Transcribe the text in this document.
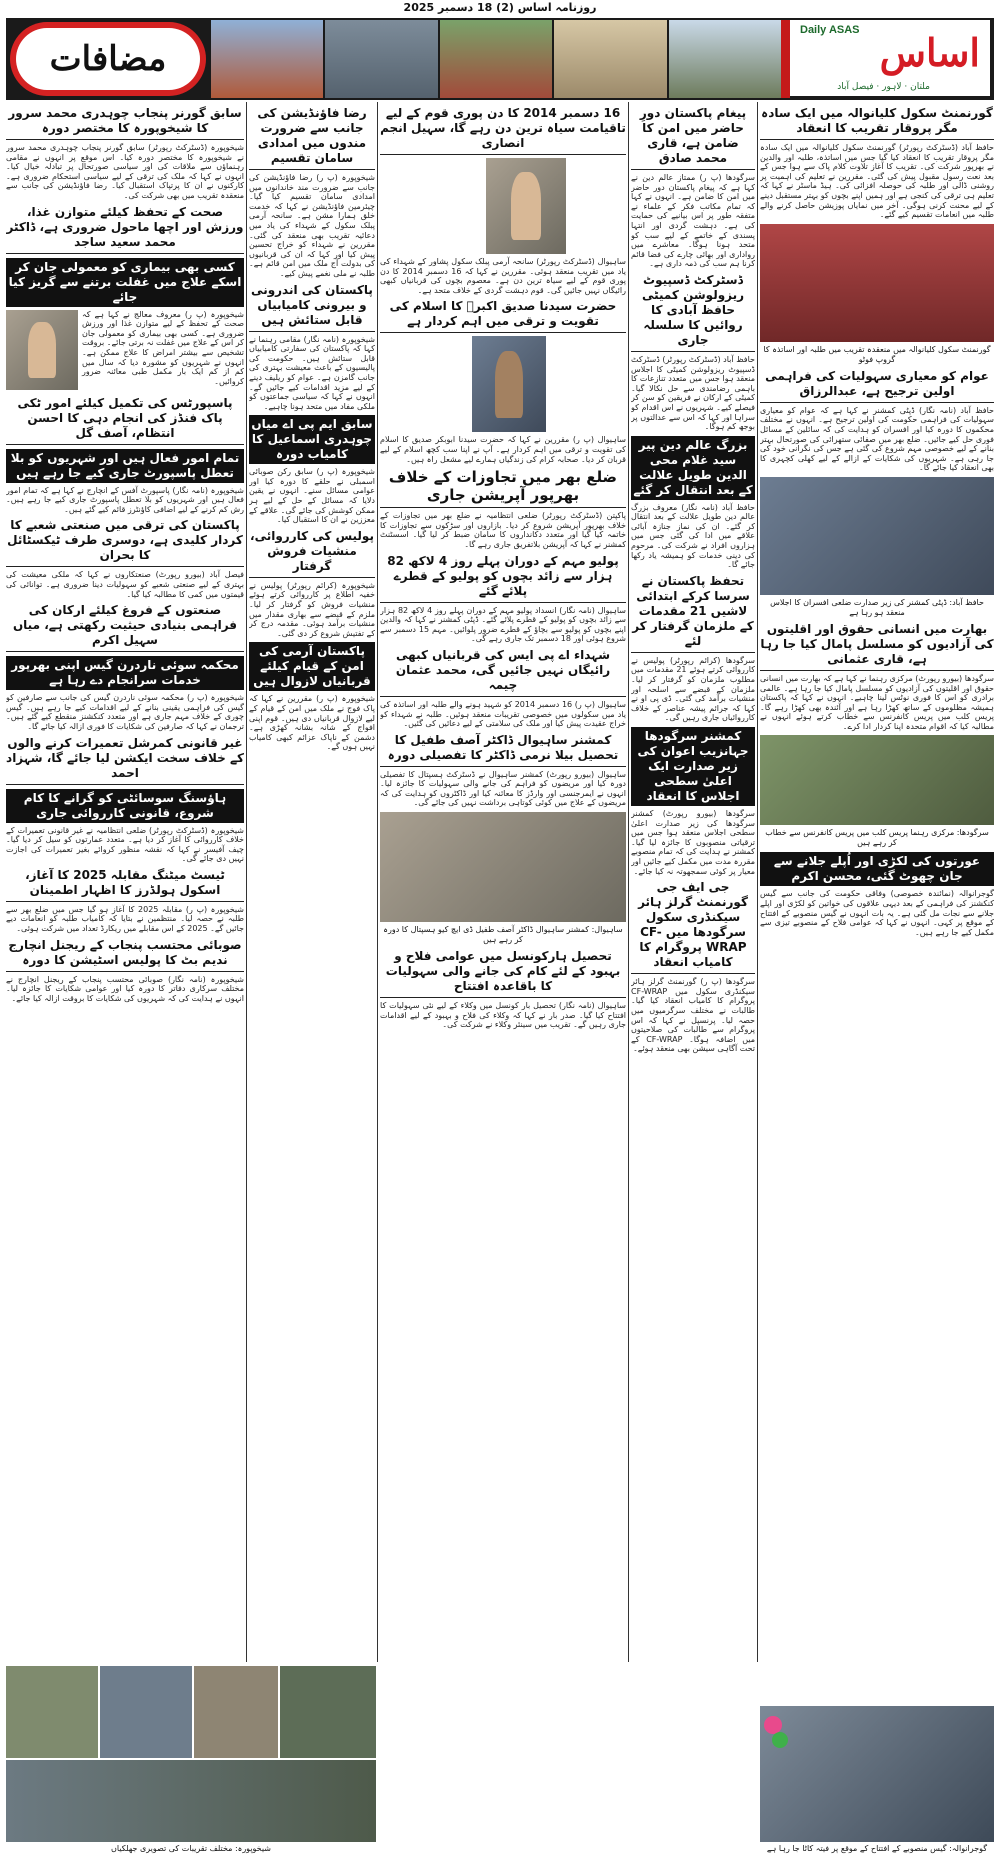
روزنامہ اساس (2) 18 دسمبر 2025
Daily ASAS اساس
ملتان · لاہور · فیصل آباد
مضافات
گورنمنٹ سکول کلیانوالہ میں ایک سادہ مگر پروقار تقریب کا انعقاد
حافظ آباد (ڈسٹرکٹ رپورٹر) گورنمنٹ سکول کلیانوالہ میں ایک سادہ مگر پروقار تقریب کا انعقاد کیا گیا جس میں اساتذہ، طلبہ اور والدین نے بھرپور شرکت کی۔ تقریب کا آغاز تلاوت کلام پاک سے ہوا جس کے بعد نعت رسول مقبول پیش کی گئی۔ مقررین نے تعلیم کی اہمیت پر روشنی ڈالی اور طلبہ کی حوصلہ افزائی کی۔ ہیڈ ماسٹر نے کہا کہ تعلیم ہی ترقی کی کنجی ہے اور ہمیں اپنے بچوں کو بہتر مستقبل دینے کے لیے محنت کرنی ہوگی۔ آخر میں نمایاں پوزیشن حاصل کرنے والے طلبہ میں انعامات تقسیم کیے گئے۔
گورنمنٹ سکول کلیانوالہ میں منعقدہ تقریب میں طلبہ اور اساتذہ کا گروپ فوٹو
عوام کو معیاری سہولیات کی فراہمی اولین ترجیح ہے، عبدالرزاق
حافظ آباد (نامہ نگار) ڈپٹی کمشنر نے کہا ہے کہ عوام کو معیاری سہولیات کی فراہمی حکومت کی اولین ترجیح ہے۔ انہوں نے مختلف محکموں کا دورہ کیا اور افسران کو ہدایت کی کہ سائلین کے مسائل فوری حل کیے جائیں۔ ضلع بھر میں صفائی ستھرائی کی صورتحال بہتر بنانے کے لیے خصوصی مہم شروع کی گئی ہے جس کی نگرانی خود کی جا رہی ہے۔ شہریوں کی شکایات کے ازالے کے لیے کھلی کچہری کا بھی انعقاد کیا جائے گا۔
حافظ آباد: ڈپٹی کمشنر کی زیر صدارت ضلعی افسران کا اجلاس منعقد ہو رہا ہے
بھارت میں انسانی حقوق اور اقلیتوں کی آزادیوں کو مسلسل پامال کیا جا رہا ہے، قاری عثمانی
سرگودھا (بیورو رپورٹ) مرکزی رہنما نے کہا ہے کہ بھارت میں انسانی حقوق اور اقلیتوں کی آزادیوں کو مسلسل پامال کیا جا رہا ہے۔ عالمی برادری کو اس کا فوری نوٹس لینا چاہیے۔ انہوں نے کہا کہ پاکستان ہمیشہ مظلوموں کے ساتھ کھڑا رہا ہے اور آئندہ بھی کھڑا رہے گا۔ پریس کلب میں پریس کانفرنس سے خطاب کرتے ہوئے انہوں نے مطالبہ کیا کہ اقوام متحدہ اپنا کردار ادا کرے۔
سرگودھا: مرکزی رہنما پریس کلب میں پریس کانفرنس سے خطاب کر رہے ہیں
عورتوں کی لکڑی اور اُپلے جلانے سے جان چھوٹ گئی، محسن اکرم
گوجرانوالہ (نمائندہ خصوصی) وفاقی حکومت کی جانب سے گیس کنکشنز کی فراہمی کے بعد دیہی علاقوں کی خواتین کو لکڑی اور اپلے جلانے سے نجات مل گئی ہے۔ یہ بات انہوں نے گیس منصوبے کے افتتاح کے موقع پر کہی۔ انہوں نے کہا کہ عوامی فلاح کے منصوبے تیزی سے مکمل کیے جا رہے ہیں۔
پیغام پاکستان دورِ حاضر میں امن کا ضامن ہے، قاری محمد صادق
سرگودھا (پ ر) ممتاز عالم دین نے کہا ہے کہ پیغام پاکستان دور حاضر میں امن کا ضامن ہے۔ انہوں نے کہا کہ تمام مکاتب فکر کے علماء نے متفقہ طور پر اس بیانیے کی حمایت کی ہے۔ دہشت گردی اور انتہا پسندی کے خاتمے کے لیے سب کو متحد ہونا ہوگا۔ معاشرے میں رواداری اور بھائی چارے کی فضا قائم کرنا ہم سب کی ذمہ داری ہے۔
ڈسٹرکٹ ڈسپیوٹ ریزولوشن کمیٹی حافظ آبادی کا روائیں کا سلسلہ جاری
حافظ آباد (ڈسٹرکٹ رپورٹر) ڈسٹرکٹ ڈسپیوٹ ریزولوشن کمیٹی کا اجلاس منعقد ہوا جس میں متعدد تنازعات کا باہمی رضامندی سے حل نکالا گیا۔ کمیٹی کے ارکان نے فریقین کو سن کر فیصلے کیے۔ شہریوں نے اس اقدام کو سراہا اور کہا کہ اس سے عدالتوں پر بوجھ کم ہوگا۔
بزرگ عالم دین پیر سید غلام محی الدین طویل علالت کے بعد انتقال کر گئے
حافظ آباد (نامہ نگار) معروف بزرگ عالم دین طویل علالت کے بعد انتقال کر گئے۔ ان کی نماز جنازہ آبائی علاقے میں ادا کی گئی جس میں ہزاروں افراد نے شرکت کی۔ مرحوم کی دینی خدمات کو ہمیشہ یاد رکھا جائے گا۔
تحفظ پاکستان نے سرسا کرکے ابتدائی لاشیں 21 مقدمات کے ملزمان گرفتار کر لئے
سرگودھا (کرائم رپورٹر) پولیس نے کارروائی کرتے ہوئے 21 مقدمات میں مطلوب ملزمان کو گرفتار کر لیا۔ ملزمان کے قبضے سے اسلحہ اور منشیات برآمد کی گئی۔ ڈی پی او نے کہا کہ جرائم پیشہ عناصر کے خلاف کارروائیاں جاری رہیں گی۔
کمشنر سرگودھا جہانزیب اعوان کی زیر صدارت ایک اعلیٰ سطحی اجلاس کا انعقاد
سرگودھا (بیورو رپورٹ) کمشنر سرگودھا کی زیر صدارت اعلیٰ سطحی اجلاس منعقد ہوا جس میں ترقیاتی منصوبوں کا جائزہ لیا گیا۔ کمشنر نے ہدایت کی کہ تمام منصوبے مقررہ مدت میں مکمل کیے جائیں اور معیار پر کوئی سمجھوتہ نہ کیا جائے۔
جی ایف جی گورنمنٹ گرلز ہائر سیکنڈری سکول سرگودھا میں CF-WRAP پروگرام کا کامیاب انعقاد
سرگودھا (پ ر) گورنمنٹ گرلز ہائر سیکنڈری سکول میں CF-WRAP پروگرام کا کامیاب انعقاد کیا گیا۔ طالبات نے مختلف سرگرمیوں میں حصہ لیا۔ پرنسپل نے کہا کہ اس پروگرام سے طالبات کی صلاحیتوں میں اضافہ ہوگا۔ CF-WRAP کے تحت آگاہی سیشن بھی منعقد ہوئے۔
16 دسمبر 2014 کا دن پوری قوم کے لیے تاقیامت سیاہ ترین دن رہے گا، سہیل انجم انصاری
ساہیوال (ڈسٹرکٹ رپورٹر) سانحہ آرمی پبلک سکول پشاور کے شہداء کی یاد میں تقریب منعقد ہوئی۔ مقررین نے کہا کہ 16 دسمبر 2014 کا دن پوری قوم کے لیے سیاہ ترین دن ہے۔ معصوم بچوں کی قربانیاں کبھی رائیگاں نہیں جائیں گی۔ قوم دہشت گردی کے خلاف متحد ہے۔
حضرت سیدنا صدیق اکبرؓ کا اسلام کی تقویت و ترقی میں اہم کردار ہے
ساہیوال (پ ر) مقررین نے کہا کہ حضرت سیدنا ابوبکر صدیق کا اسلام کی تقویت و ترقی میں اہم کردار ہے۔ آپ نے اپنا سب کچھ اسلام کے لیے قربان کر دیا۔ صحابہ کرام کی زندگیاں ہمارے لیے مشعل راہ ہیں۔
ضلع بھر میں تجاوزات کے خلاف بھرپور آپریشن جاری
پاکپتن (ڈسٹرکٹ رپورٹر) ضلعی انتظامیہ نے ضلع بھر میں تجاوزات کے خلاف بھرپور آپریشن شروع کر دیا۔ بازاروں اور سڑکوں سے تجاوزات کا خاتمہ کیا گیا اور متعدد دکانداروں کا سامان ضبط کر لیا گیا۔ اسسٹنٹ کمشنر نے کہا کہ آپریشن بلاتفریق جاری رہے گا۔
پولیو مہم کے دوران پہلے روز 4 لاکھ 82 ہزار سے زائد بچوں کو پولیو کے قطرے پلائے گئے
ساہیوال (نامہ نگار) انسداد پولیو مہم کے دوران پہلے روز 4 لاکھ 82 ہزار سے زائد بچوں کو پولیو کے قطرے پلائے گئے۔ ڈپٹی کمشنر نے کہا کہ والدین اپنے بچوں کو پولیو سے بچاؤ کے قطرے ضرور پلوائیں۔ مہم 15 دسمبر سے شروع ہوئی اور 18 دسمبر تک جاری رہے گی۔
شہداء اے پی ایس کی قربانیاں کبھی رائیگاں نہیں جائیں گی، محمد عثمان چیمہ
ساہیوال (پ ر) 16 دسمبر 2014 کو شہید ہونے والے طلبہ اور اساتذہ کی یاد میں سکولوں میں خصوصی تقریبات منعقد ہوئیں۔ طلبہ نے شہداء کو خراج عقیدت پیش کیا اور ملک کی سلامتی کے لیے دعائیں کی گئیں۔
کمشنر ساہیوال ڈاکٹر آصف طفیل کا تحصیل بیلا نرمی ڈاکٹر کا تفصیلی دورہ
ساہیوال (بیورو رپورٹ) کمشنر ساہیوال نے ڈسٹرکٹ ہسپتال کا تفصیلی دورہ کیا اور مریضوں کو فراہم کی جانے والی سہولیات کا جائزہ لیا۔ انہوں نے ایمرجنسی اور وارڈز کا معائنہ کیا اور ڈاکٹروں کو ہدایت کی کہ مریضوں کے علاج میں کوئی کوتاہی برداشت نہیں کی جائے گی۔
ساہیوال: کمشنر ساہیوال ڈاکٹر آصف طفیل ڈی ایچ کیو ہسپتال کا دورہ کر رہے ہیں
تحصیل ہارکونسل میں عوامی فلاح و بہبود کے لئے کام کی جانے والی سہولیات کا باقاعدہ افتتاح
ساہیوال (نامہ نگار) تحصیل بار کونسل میں وکلاء کے لیے نئی سہولیات کا افتتاح کیا گیا۔ صدر بار نے کہا کہ وکلاء کی فلاح و بہبود کے لیے اقدامات جاری رہیں گے۔ تقریب میں سینئر وکلاء نے شرکت کی۔
رضا فاؤنڈیشن کی جانب سے ضرورت مندوں میں امدادی سامان تقسیم
شیخوپورہ (پ ر) رضا فاؤنڈیشن کی جانب سے ضرورت مند خاندانوں میں امدادی سامان تقسیم کیا گیا۔ چیئرمین فاؤنڈیشن نے کہا کہ خدمت خلق ہمارا مشن ہے۔ سانحہ آرمی پبلک سکول کے شہداء کی یاد میں دعائیہ تقریب بھی منعقد کی گئی۔ مقررین نے شہداء کو خراج تحسین پیش کیا اور کہا کہ ان کی قربانیوں کی بدولت آج ملک میں امن قائم ہے۔ طلبہ نے ملی نغمے پیش کیے۔
پاکستان کی اندرونی و بیرونی کامیابیاں قابل ستائش ہیں
شیخوپورہ (نامہ نگار) مقامی رہنما نے کہا کہ پاکستان کی سفارتی کامیابیاں قابل ستائش ہیں۔ حکومت کی پالیسیوں کے باعث معیشت بہتری کی جانب گامزن ہے۔ عوام کو ریلیف دینے کے لیے مزید اقدامات کیے جائیں گے۔ انہوں نے کہا کہ سیاسی جماعتوں کو ملکی مفاد میں متحد ہونا چاہیے۔
سابق ایم پی اے میاں چوہدری اسماعیل کا کامیاب دورہ
شیخوپورہ (پ ر) سابق رکن صوبائی اسمبلی نے حلقے کا دورہ کیا اور عوامی مسائل سنے۔ انہوں نے یقین دلایا کہ مسائل کے حل کے لیے ہر ممکن کوشش کی جائے گی۔ علاقے کے معززین نے ان کا استقبال کیا۔
پولیس کی کارروائی، منشیات فروش گرفتار
شیخوپورہ (کرائم رپورٹر) پولیس نے خفیہ اطلاع پر کارروائی کرتے ہوئے منشیات فروش کو گرفتار کر لیا۔ ملزم کے قبضے سے بھاری مقدار میں منشیات برآمد ہوئی۔ مقدمہ درج کر کے تفتیش شروع کر دی گئی۔
پاکستان آرمی کی امن کے قیام کیلئے قربانیاں لازوال ہیں
شیخوپورہ (پ ر) مقررین نے کہا کہ پاک فوج نے ملک میں امن کے قیام کے لیے لازوال قربانیاں دی ہیں۔ قوم اپنی افواج کے شانہ بشانہ کھڑی ہے۔ دشمن کے ناپاک عزائم کبھی کامیاب نہیں ہوں گے۔
سابق گورنر پنجاب چوہدری محمد سرور کا شیخوپورہ کا مختصر دورہ
شیخوپورہ (ڈسٹرکٹ رپورٹر) سابق گورنر پنجاب چوہدری محمد سرور نے شیخوپورہ کا مختصر دورہ کیا۔ اس موقع پر انہوں نے مقامی رہنماؤں سے ملاقات کی اور سیاسی صورتحال پر تبادلہ خیال کیا۔ انہوں نے کہا کہ ملک کی ترقی کے لیے سیاسی استحکام ضروری ہے۔ کارکنوں نے ان کا پرتپاک استقبال کیا۔ رضا فاؤنڈیشن کی جانب سے منعقدہ تقریب میں بھی شرکت کی۔
صحت کے تحفظ کیلئے متوازن غذا، ورزش اور اچھا ماحول ضروری ہے، ڈاکٹر محمد سعید ساجد
کسی بھی بیماری کو معمولی جان کر اسکے علاج میں غفلت برتنے سے گریز کیا جائے
شیخوپورہ (پ ر) معروف معالج نے کہا ہے کہ صحت کے تحفظ کے لیے متوازن غذا اور ورزش ضروری ہے۔ کسی بھی بیماری کو معمولی جان کر اس کے علاج میں غفلت نہ برتی جائے۔ بروقت تشخیص سے بیشتر امراض کا علاج ممکن ہے۔ انہوں نے شہریوں کو مشورہ دیا کہ سال میں کم از کم ایک بار مکمل طبی معائنہ ضرور کروائیں۔
پاسپورٹس کی تکمیل کیلئے امور ٹکی پاک فنڈز کی انجام دہی کا احسن انتظام، آصف گل
تمام امور فعال ہیں اور شہریوں کو بلا تعطل پاسپورٹ جاری کیے جا رہے ہیں
شیخوپورہ (نامہ نگار) پاسپورٹ آفس کے انچارج نے کہا ہے کہ تمام امور فعال ہیں اور شہریوں کو بلا تعطل پاسپورٹ جاری کیے جا رہے ہیں۔ رش کم کرنے کے لیے اضافی کاؤنٹرز قائم کیے گئے ہیں۔
پاکستان کی ترقی میں صنعتی شعبے کا کردار کلیدی ہے، دوسری طرف ٹیکسٹائل کا بحران
فیصل آباد (بیورو رپورٹ) صنعتکاروں نے کہا کہ ملکی معیشت کی بہتری کے لیے صنعتی شعبے کو سہولیات دینا ضروری ہے۔ توانائی کی قیمتوں میں کمی کا مطالبہ کیا گیا۔
صنعتوں کے فروغ کیلئے ارکان کی فراہمی بنیادی حیثیت رکھتی ہے، میاں سہیل اکرم
محکمہ سوئی ناردرن گیس اپنی بھرپور خدمات سرانجام دے رہا ہے
شیخوپورہ (پ ر) محکمہ سوئی ناردرن گیس کی جانب سے صارفین کو گیس کی فراہمی یقینی بنانے کے لیے اقدامات کیے جا رہے ہیں۔ گیس چوری کے خلاف مہم جاری ہے اور متعدد کنکشنز منقطع کیے گئے ہیں۔ ترجمان نے کہا کہ صارفین کی شکایات کا فوری ازالہ کیا جائے گا۔
غیر قانونی کمرشل تعمیرات کرنے والوں کے خلاف سخت ایکشن لیا جائے گا، شہزاد احمد
ہاؤسنگ سوسائٹی کو گرانے کا کام شروع، قانونی کارروائی جاری
شیخوپورہ (ڈسٹرکٹ رپورٹر) ضلعی انتظامیہ نے غیر قانونی تعمیرات کے خلاف کارروائی کا آغاز کر دیا ہے۔ متعدد عمارتوں کو سیل کر دیا گیا۔ چیف آفیسر نے کہا کہ نقشہ منظور کروائے بغیر تعمیرات کی اجازت نہیں دی جائے گی۔
ٹیسٹ میٹنگ مقابلہ 2025 کا آغاز، اسکول ہولڈرز کا اظہار اطمینان
شیخوپورہ (پ ر) مقابلہ 2025 کا آغاز ہو گیا جس میں ضلع بھر سے طلبہ نے حصہ لیا۔ منتظمین نے بتایا کہ کامیاب طلبہ کو انعامات دیے جائیں گے۔ 2025 کے اس مقابلے میں ریکارڈ تعداد میں شرکت ہوئی۔
صوبائی محتسب پنجاب کے ریجنل انچارج ندیم بٹ کا پولیس اسٹیشن کا دورہ
شیخوپورہ (نامہ نگار) صوبائی محتسب پنجاب کے ریجنل انچارج نے مختلف سرکاری دفاتر کا دورہ کیا اور عوامی شکایات کا جائزہ لیا۔ انہوں نے ہدایت کی کہ شہریوں کی شکایات کا بروقت ازالہ کیا جائے۔
شیخوپورہ: مختلف تقریبات کی تصویری جھلکیاں	گوجرانوالہ: گیس منصوبے کے افتتاح کے موقع پر فیتہ کاٹا جا رہا ہے
